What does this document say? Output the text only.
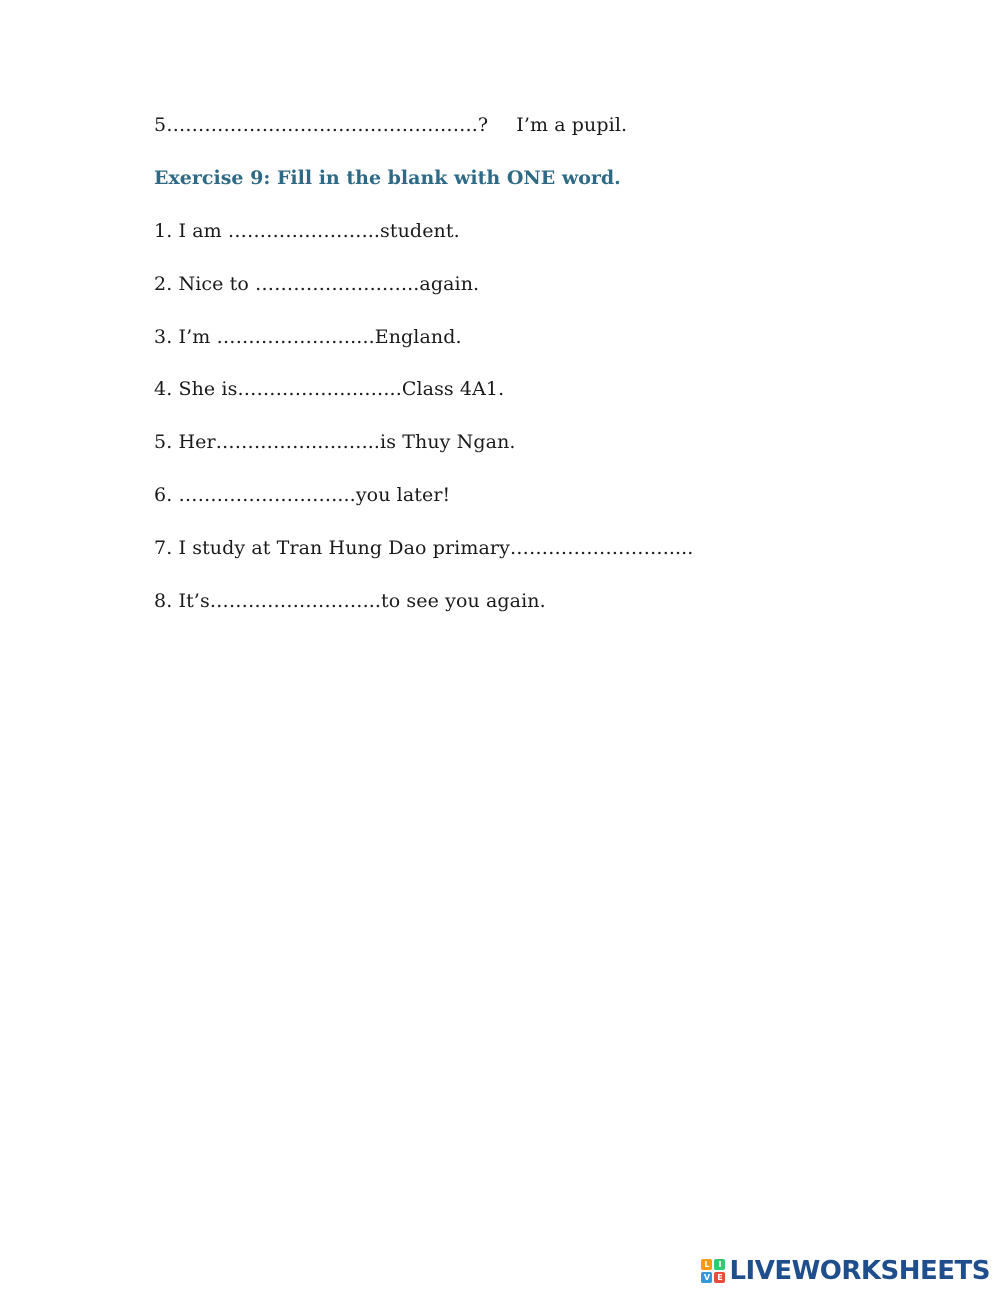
5………………………………………….? I’m a pupil.
Exercise 9: Fill in the blank with ONE word.
1. I am …………………...student.
2. Nice to ………………..…...again.
3. I’m …………………....England.
4. She is………………..…...Class 4A1.
5. Her……………..……...is Thuy Ngan.
6. ……………………....you later!
7. I study at Tran Hung Dao primary…………………….....
8. It’s……………………...to see you again.
L	I
V E LIVEWORKSHEETS
